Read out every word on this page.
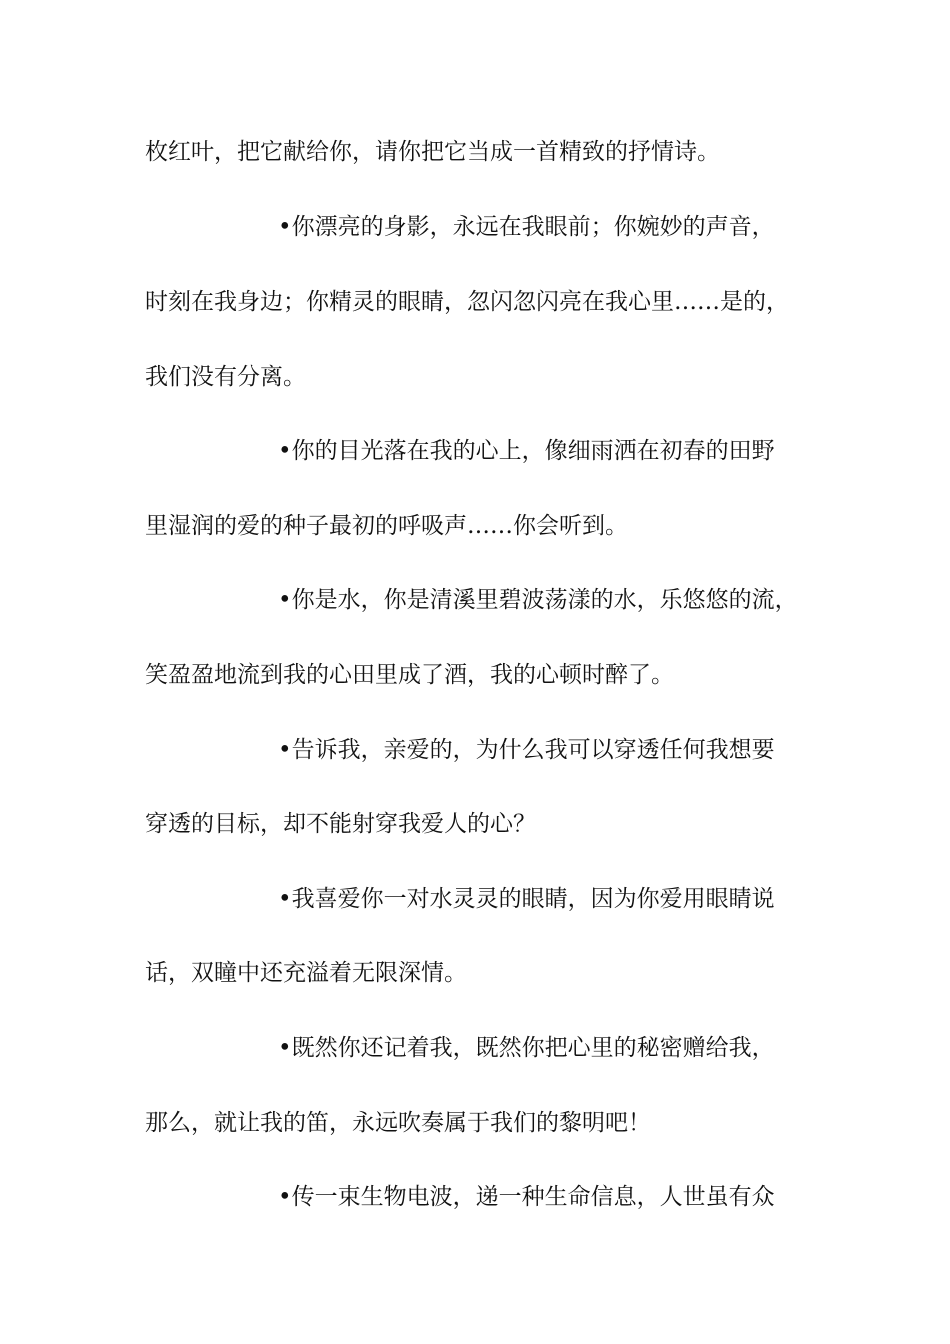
枚红叶，把它献给你，请你把它当成一首精致的抒情诗。
•你漂亮的身影，永远在我眼前；你婉妙的声音，
时刻在我身边；你精灵的眼睛，忽闪忽闪亮在我心里……是的，
我们没有分离。
•你的目光落在我的心上，像细雨洒在初春的田野
里湿润的爱的种子最初的呼吸声……你会听到。
•你是水，你是清溪里碧波荡漾的水，乐悠悠的流，
笑盈盈地流到我的心田里成了酒，我的心顿时醉了。
•告诉我，亲爱的，为什么我可以穿透任何我想要
穿透的目标，却不能射穿我爱人的心？
•我喜爱你一对水灵灵的眼睛，因为你爱用眼睛说
话，双瞳中还充溢着无限深情。
•既然你还记着我，既然你把心里的秘密赠给我，
那么，就让我的笛，永远吹奏属于我们的黎明吧！
•传一束生物电波，递一种生命信息，人世虽有众
